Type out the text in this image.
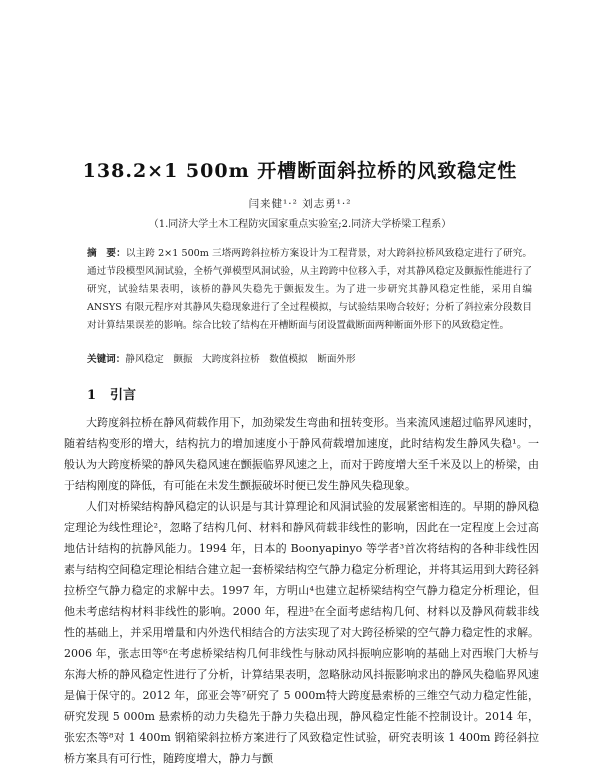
138.2×1 500m 开槽断面斜拉桥的风致稳定性
闫来健¹·² 刘志勇¹·²
（1.同济大学土木工程防灾国家重点实验室;2.同济大学桥梁工程系）
摘　要：以主跨 2×1 500m 三塔两跨斜拉桥方案设计为工程背景，对大跨斜拉桥风致稳定进行了研究。通过节段模型风洞试验，全桥气弹模型风洞试验，从主跨跨中位移入手，对其静风稳定及颤振性能进行了研究，试验结果表明，该桥的静风失稳先于颤振发生。为了进一步研究其静风稳定性能，采用自编 ANSYS 有限元程序对其静风失稳现象进行了全过程模拟，与试验结果吻合较好；分析了斜拉索分段数目对计算结果误差的影响。综合比较了结构在开槽断面与闭设置截断面两种断面外形下的风致稳定性。
关键词：静风稳定　颤振　大跨度斜拉桥　数值模拟　断面外形
1 引言

大跨度斜拉桥在静风荷载作用下，加劲梁发生弯曲和扭转变形。当来流风速超过临界风速时，随着结构变形的增大，结构抗力的增加速度小于静风荷载增加速度，此时结构发生静风失稳¹。一般认为大跨度桥梁的静风失稳风速在颤振临界风速之上，而对于跨度增大至千米及以上的桥梁，由于结构刚度的降低，有可能在未发生颤振破坏时便已发生静风失稳现象。

人们对桥梁结构静风稳定的认识是与其计算理论和风洞试验的发展紧密相连的。早期的静风稳定理论为线性理论²，忽略了结构几何、材料和静风荷载非线性的影响，因此在一定程度上会过高地估计结构的抗静风能力。1994 年，日本的 Boonyapinyo 等学者³首次将结构的各种非线性因素与结构空间稳定理论相结合建立起一套桥梁结构空气静力稳定分析理论，并将其运用到大跨径斜拉桥空气静力稳定的求解中去。1997 年，方明山⁴也建立起桥梁结构空气静力稳定分析理论，但他未考虑结构材料非线性的影响。2000 年，程进⁵在全面考虑结构几何、材料以及静风荷载非线性的基础上，并采用增量和内外迭代相结合的方法实现了对大跨径桥梁的空气静力稳定性的求解。2006 年，张志田等⁶在考虑桥梁结构几何非线性与脉动风抖振响应影响的基础上对西堠门大桥与东海大桥的静风稳定性进行了分析，计算结果表明，忽略脉动风抖振影响求出的静风失稳临界风速是偏于保守的。2012 年，邱亚会等⁷研究了 5 000m特大跨度悬索桥的三维空气动力稳定性能，研究发现 5 000m 悬索桥的动力失稳先于静力失稳出现，静风稳定性能不控制设计。2014 年，张宏杰等⁸对 1 400m 钢箱梁斜拉桥方案进行了风致稳定性试验，研究表明该 1 400m 跨径斜拉桥方案具有可行性，随跨度增大，静力与颤
